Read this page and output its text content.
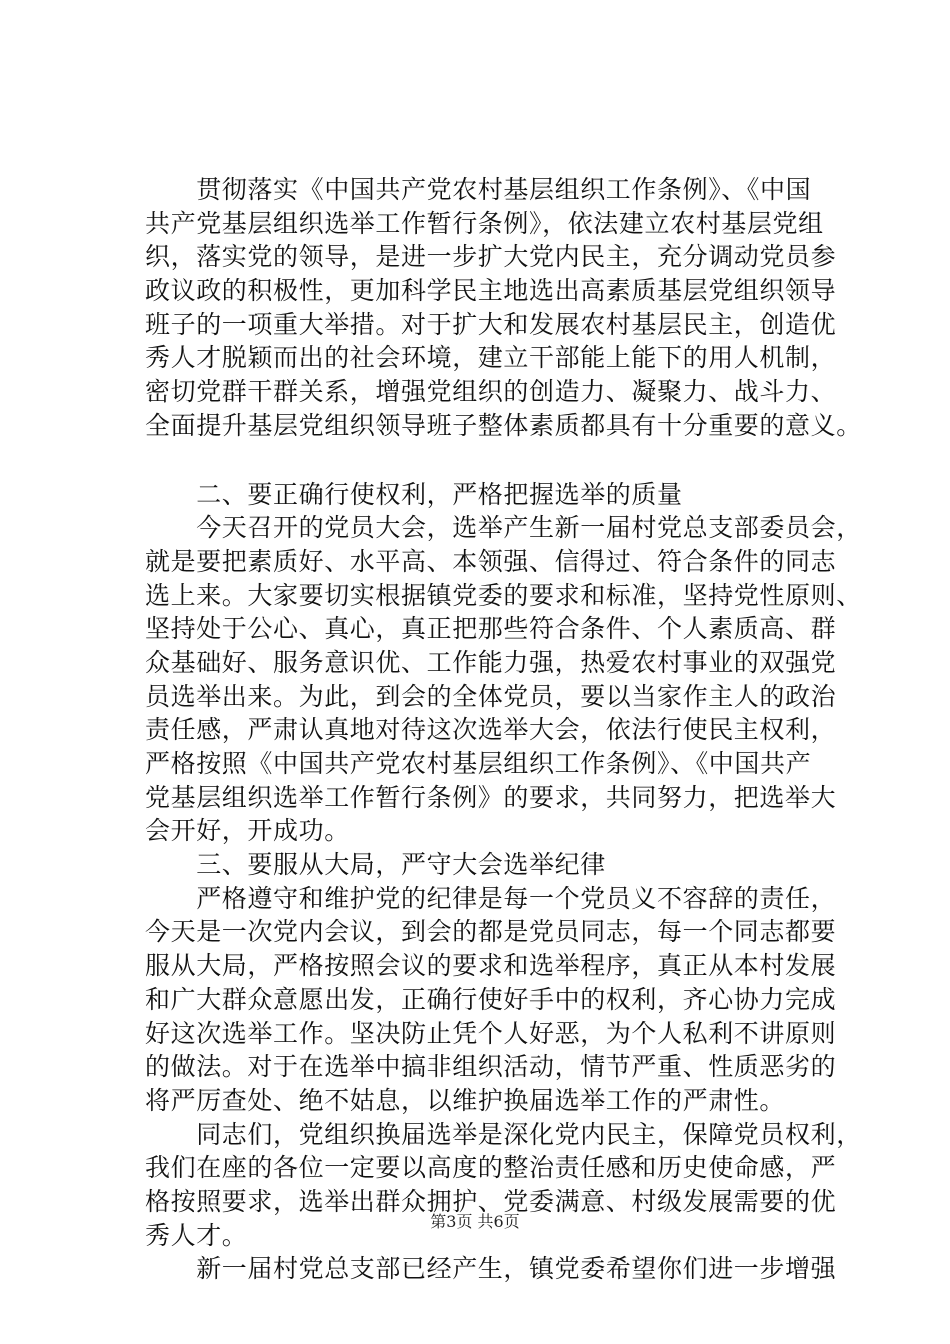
　　贯彻落实《中国共产党农村基层组织工作条例》、《中国
共产党基层组织选举工作暂行条例》，依法建立农村基层党组
织，落实党的领导，是进一步扩大党内民主，充分调动党员参
政议政的积极性，更加科学民主地选出高素质基层党组织领导
班子的一项重大举措。对于扩大和发展农村基层民主，创造优
秀人才脱颖而出的社会环境，建立干部能上能下的用人机制，
密切党群干群关系，增强党组织的创造力、凝聚力、战斗力、
全面提升基层党组织领导班子整体素质都具有十分重要的意义。
　　二、要正确行使权利，严格把握选举的质量
　　今天召开的党员大会，选举产生新一届村党总支部委员会，
就是要把素质好、水平高、本领强、信得过、符合条件的同志
选上来。大家要切实根据镇党委的要求和标准，坚持党性原则、
坚持处于公心、真心，真正把那些符合条件、个人素质高、群
众基础好、服务意识优、工作能力强，热爱农村事业的双强党
员选举出来。为此，到会的全体党员，要以当家作主人的政治
责任感，严肃认真地对待这次选举大会，依法行使民主权利，
严格按照《中国共产党农村基层组织工作条例》、《中国共产
党基层组织选举工作暂行条例》的要求，共同努力，把选举大
会开好，开成功。
　　三、要服从大局，严守大会选举纪律
　　严格遵守和维护党的纪律是每一个党员义不容辞的责任，
今天是一次党内会议，到会的都是党员同志，每一个同志都要
服从大局，严格按照会议的要求和选举程序，真正从本村发展
和广大群众意愿出发，正确行使好手中的权利，齐心协力完成
好这次选举工作。坚决防止凭个人好恶，为个人私利不讲原则
的做法。对于在选举中搞非组织活动，情节严重、性质恶劣的
将严厉查处、绝不姑息，以维护换届选举工作的严肃性。
　　同志们，党组织换届选举是深化党内民主，保障党员权利，
我们在座的各位一定要以高度的整治责任感和历史使命感，严
格按照要求，选举出群众拥护、党委满意、村级发展需要的优
秀人才。
　　新一届村党总支部已经产生，镇党委希望你们进一步增强
第3页 共6页
